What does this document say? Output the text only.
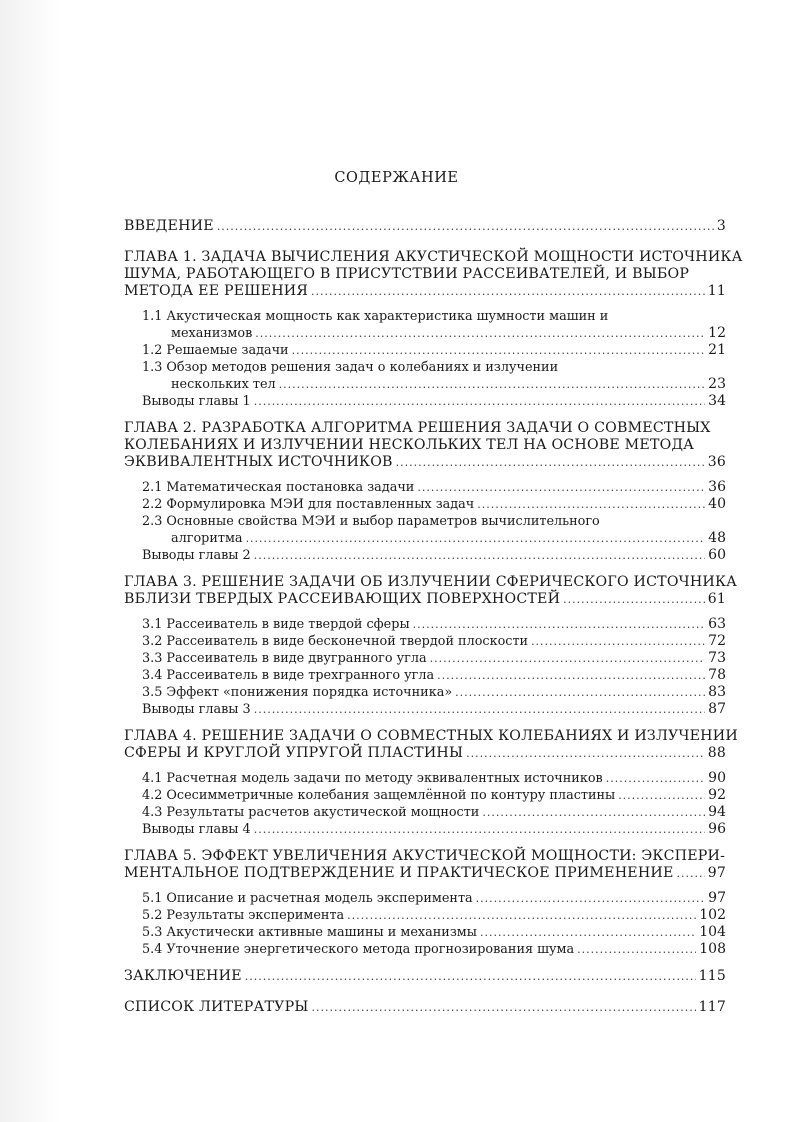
СОДЕРЖАНИЕ
ВВЕДЕНИЕ .....	3
ГЛАВА 1. ЗАДАЧА ВЫЧИСЛЕНИЯ АКУСТИЧЕСКОЙ МОЩНОСТИ ИСТОЧНИКА
ШУМА, РАБОТАЮЩЕГО В ПРИСУТСТВИИ РАССЕИВАТЕЛЕЙ, И ВЫБОР
МЕТОДА ЕЕ РЕШЕНИЯ .....	11
1.1 Акустическая мощность как характеристика шумности машин и
механизмов .....	12
1.2 Решаемые задачи .....	21
1.3 Обзор методов решения задач о колебаниях и излучении
нескольких тел .....	23
Выводы главы 1 .....	34
ГЛАВА 2. РАЗРАБОТКА АЛГОРИТМА РЕШЕНИЯ ЗАДАЧИ О СОВМЕСТНЫХ
КОЛЕБАНИЯХ И ИЗЛУЧЕНИИ НЕСКОЛЬКИХ ТЕЛ НА ОСНОВЕ МЕТОДА
ЭКВИВАЛЕНТНЫХ ИСТОЧНИКОВ .....	36
2.1 Математическая постановка задачи .....	36
2.2 Формулировка МЭИ для поставленных задач .....	40
2.3 Основные свойства МЭИ и выбор параметров вычислительного
алгоритма .....	48
Выводы главы 2 .....	60
ГЛАВА 3. РЕШЕНИЕ ЗАДАЧИ ОБ ИЗЛУЧЕНИИ СФЕРИЧЕСКОГО ИСТОЧНИКА
ВБЛИЗИ ТВЕРДЫХ РАССЕИВАЮЩИХ ПОВЕРХНОСТЕЙ .....	61
3.1 Рассеиватель в виде твердой сферы .....	63
3.2 Рассеиватель в виде бесконечной твердой плоскости .....	72
3.3 Рассеиватель в виде двугранного угла .....	73
3.4 Рассеиватель в виде трехгранного угла .....	78
3.5 Эффект «понижения порядка источника» .....	83
Выводы главы 3 .....	87
ГЛАВА 4. РЕШЕНИЕ ЗАДАЧИ О СОВМЕСТНЫХ КОЛЕБАНИЯХ И ИЗЛУЧЕНИИ
СФЕРЫ И КРУГЛОЙ УПРУГОЙ ПЛАСТИНЫ .....	88
4.1 Расчетная модель задачи по методу эквивалентных источников .....	90
4.2 Осесимметричные колебания защемлённой по контуру пластины .....	92
4.3 Результаты расчетов акустической мощности .....	94
Выводы главы 4 .....	96
ГЛАВА 5. ЭФФЕКТ УВЕЛИЧЕНИЯ АКУСТИЧЕСКОЙ МОЩНОСТИ: ЭКСПЕРИ-
МЕНТАЛЬНОЕ ПОДТВЕРЖДЕНИЕ И ПРАКТИЧЕСКОЕ ПРИМЕНЕНИЕ ..... 97
5.1 Описание и расчетная модель эксперимента .....	97
5.2 Результаты эксперимента .....	102
5.3 Акустически активные машины и механизмы .....	104
5.4 Уточнение энергетического метода прогнозирования шума .....	108
ЗАКЛЮЧЕНИЕ .....	115
СПИСОК ЛИТЕРАТУРЫ .....	117
